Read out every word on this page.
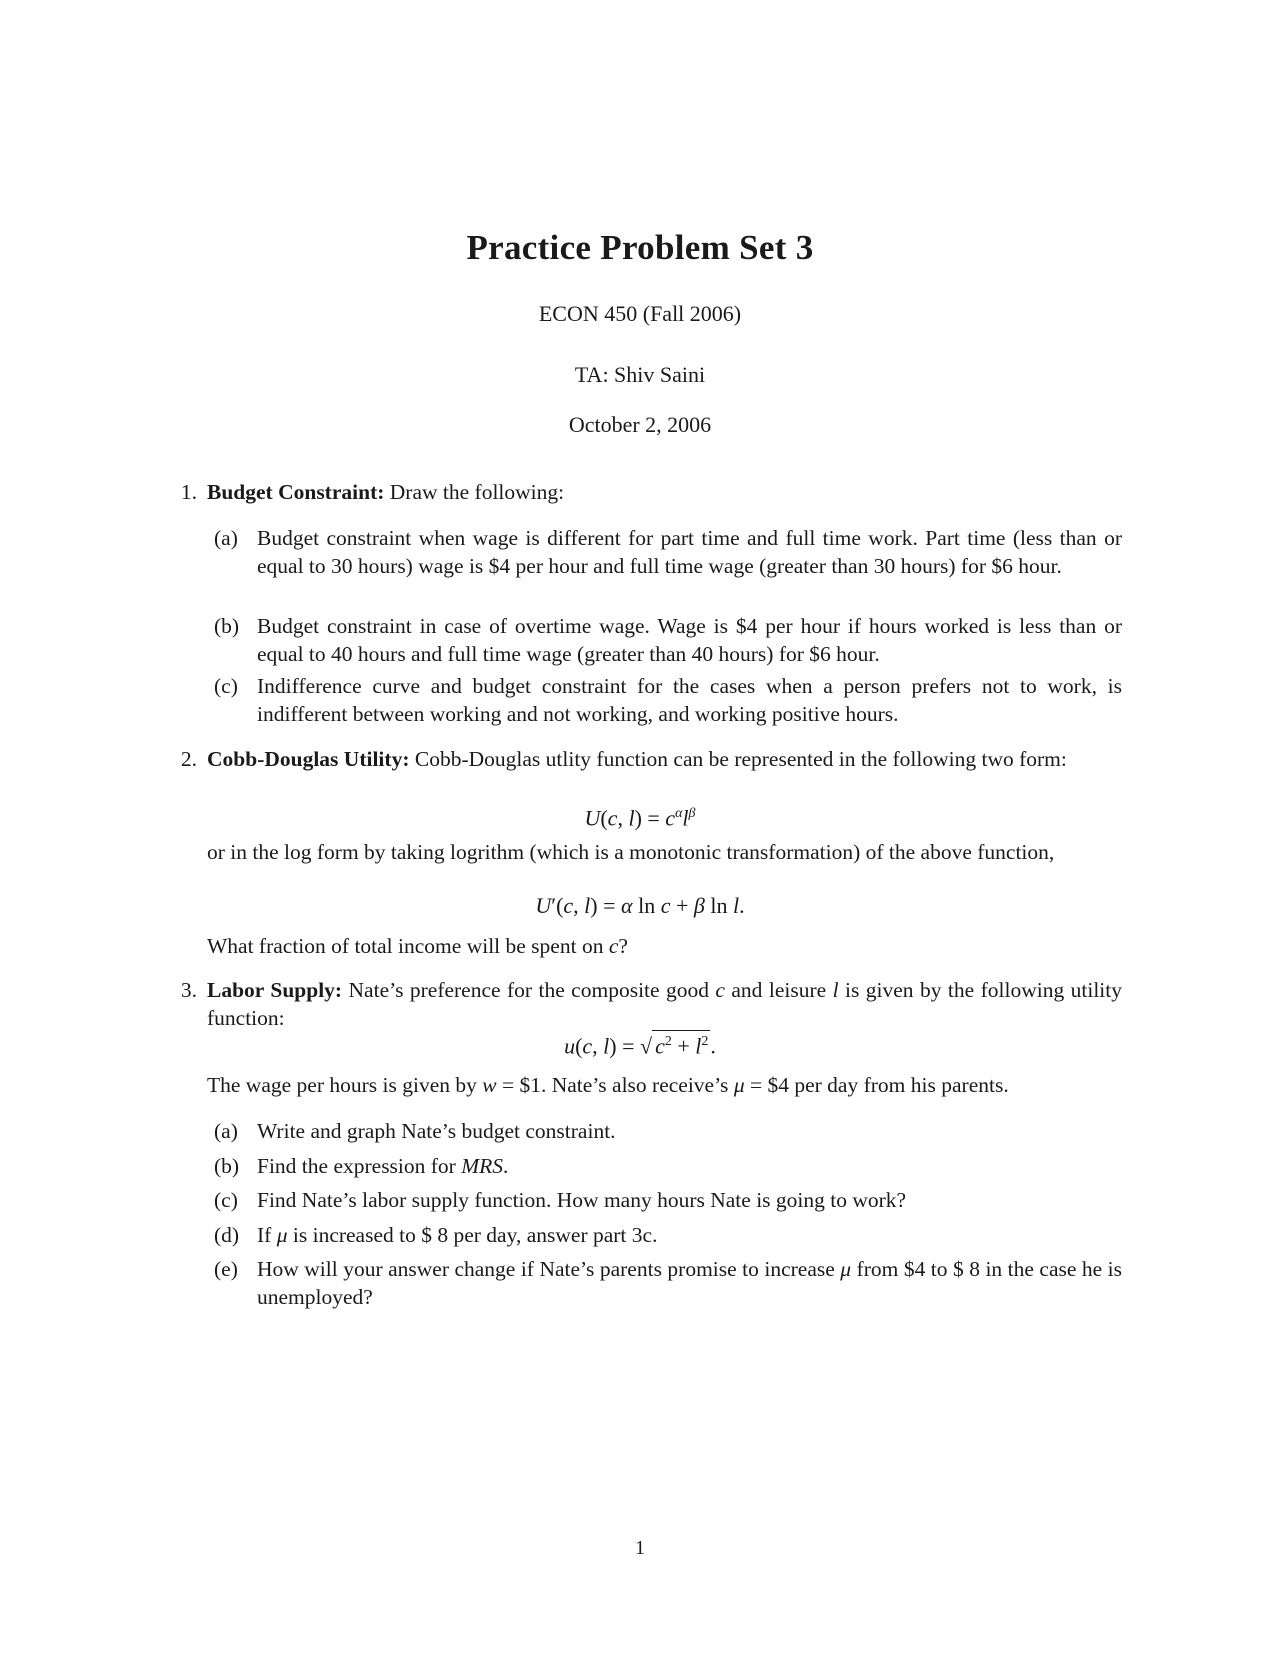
Practice Problem Set 3
ECON 450 (Fall 2006)
TA: Shiv Saini
October 2, 2006
1. Budget Constraint: Draw the following:
(a) Budget constraint when wage is different for part time and full time work. Part time (less than or equal to 30 hours) wage is $4 per hour and full time wage (greater than 30 hours) for $6 hour.
(b) Budget constraint in case of overtime wage. Wage is $4 per hour if hours worked is less than or equal to 40 hours and full time wage (greater than 40 hours) for $6 hour.
(c) Indifference curve and budget constraint for the cases when a person prefers not to work, is indifferent between working and not working, and working positive hours.
2. Cobb-Douglas Utility: Cobb-Douglas utlity function can be represented in the following two form:
U(c, $l) = c^\alpha l^\beta$
or in the log form by taking logrithm (which is a monotonic transformation) of the above function,
U′(c, l) = α ln c + β ln l.
What fraction of total income will be spent on c?
3. Labor Supply: Nate’s preference for the composite good c and leisure l is given by the following utility function:
u(c, l) = √ $c^2 + l^2$.
The wage per hours is given by w = $1. Nate’s also receive’s μ = $4 per day from his parents.
(a) Write and graph Nate’s budget constraint.
(b) Find the expression for MRS.
(c) Find Nate’s labor supply function. How many hours Nate is going to work?
(d) If μ is increased to $ 8 per day, answer part 3c.
(e) How will your answer change if Nate’s parents promise to increase μ from $4 to $ 8 in the case he is unemployed?
1
